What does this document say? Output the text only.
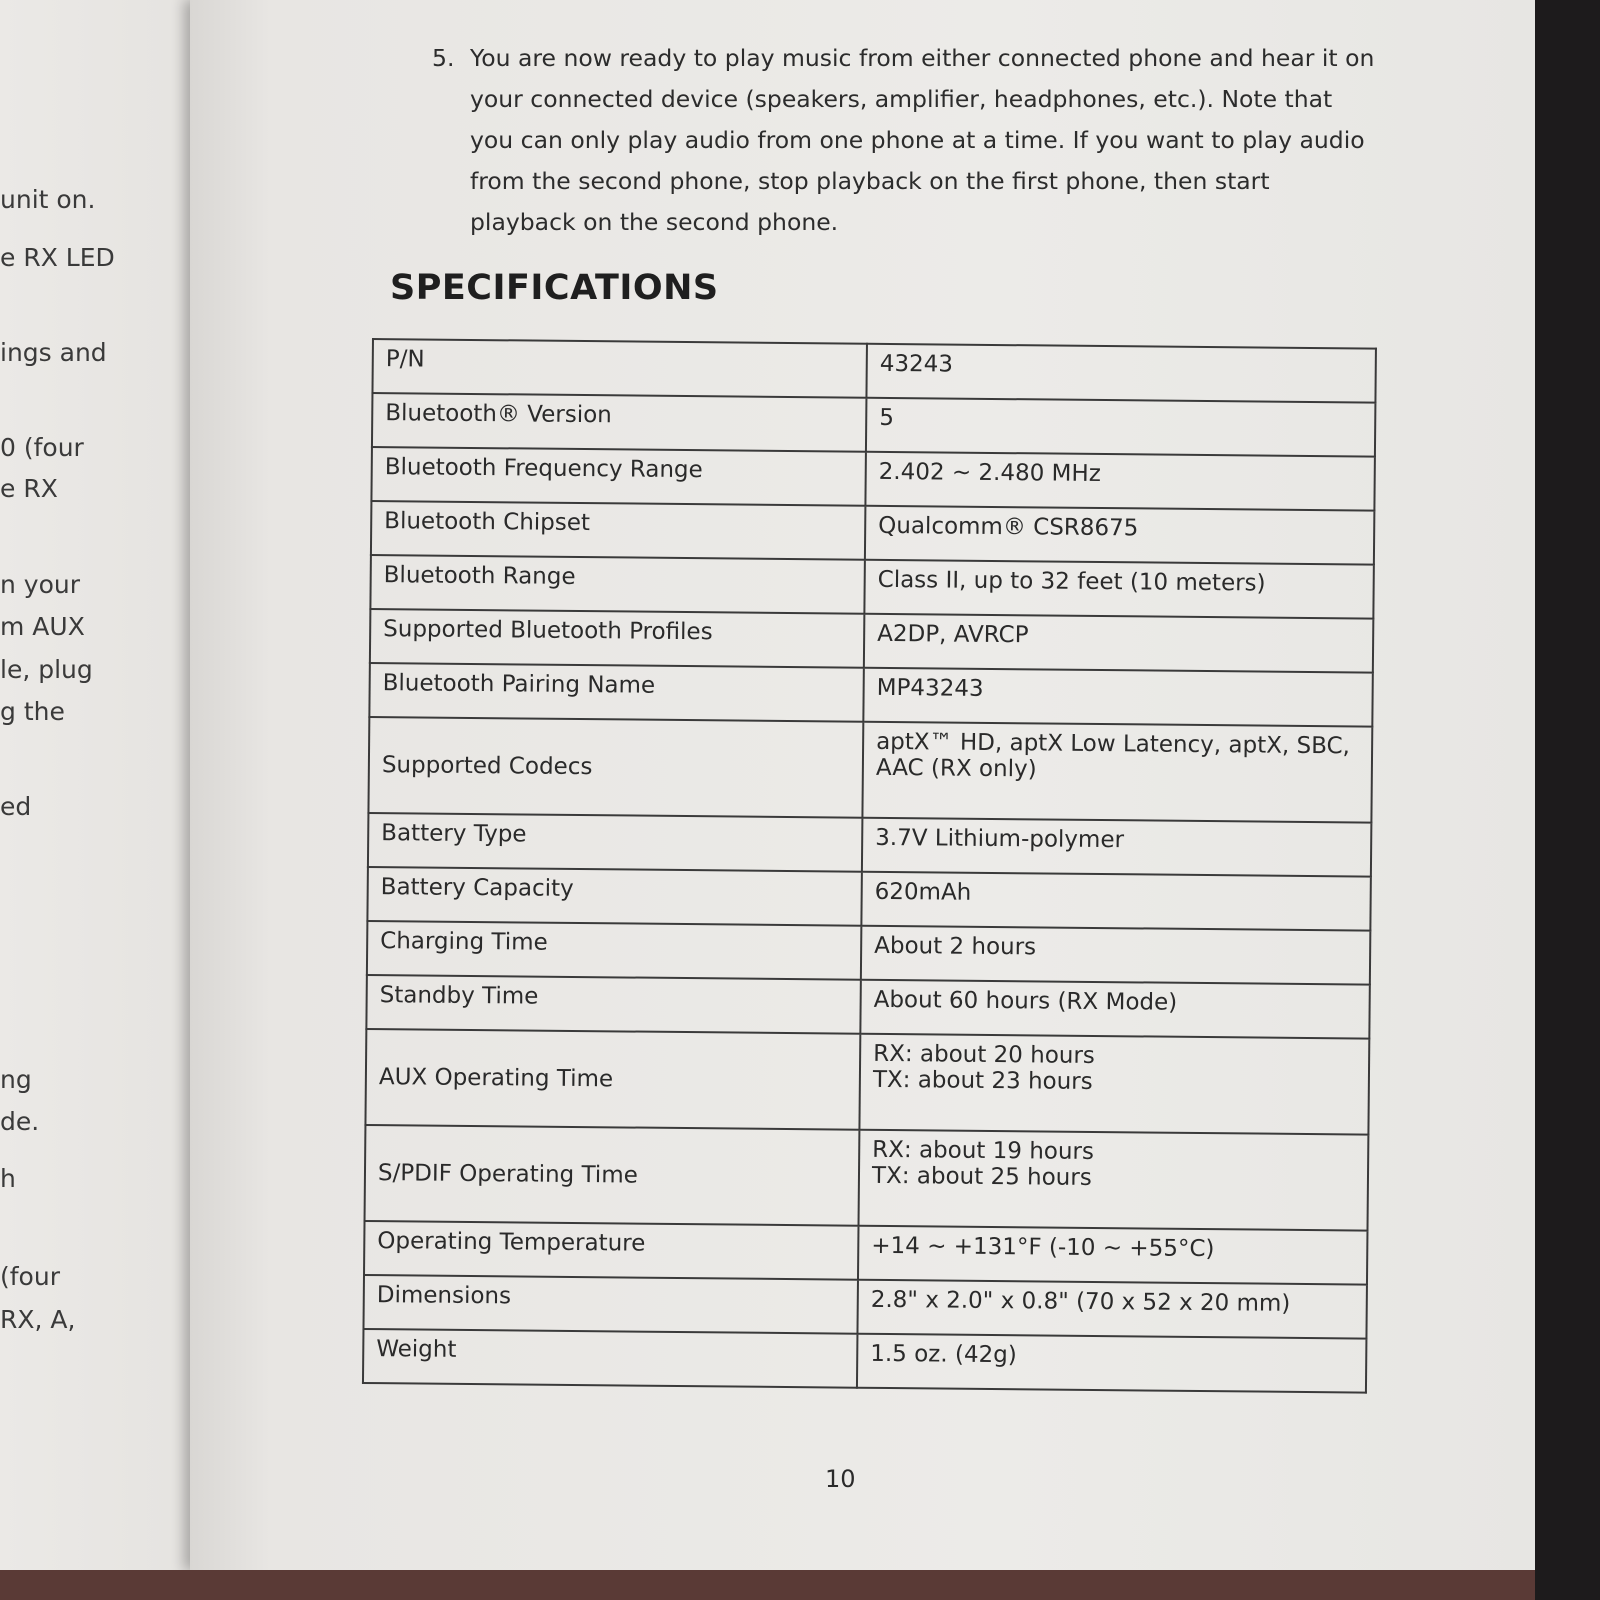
unit on.
e RX LED
ings and
0 (four
e RX
n your
m AUX
le, plug
g the
ed
ng
de.
h
(four
RX, A,
5. You are now ready to play music from either connected phone and hear it on your connected device (speakers, amplifier, headphones, etc.). Note that you can only play audio from one phone at a time. If you want to play audio from the second phone, stop playback on the first phone, then start playback on the second phone.
SPECIFICATIONS
P/N	43243
Bluetooth® Version	5
Bluetooth Frequency Range	2.402 ~ 2.480 MHz
Bluetooth Chipset	Qualcomm® CSR8675
Bluetooth Range	Class II, up to 32 feet (10 meters)
Supported Bluetooth Profiles	A2DP, AVRCP
Bluetooth Pairing Name	MP43243
Supported Codecs	aptX™ HD, aptX Low Latency, aptX, SBC,
AAC (RX only)

Battery Type	3.7V Lithium-polymer
Battery Capacity	620mAh
Charging Time	About 2 hours
Standby Time	About 60 hours (RX Mode)
AUX Operating Time	RX: about 20 hours
TX: about 23 hours

S/PDIF Operating Time	RX: about 19 hours
TX: about 25 hours

Operating Temperature	+14 ~ +131°F (-10 ~ +55°C)
Dimensions	2.8" x 2.0" x 0.8" (70 x 52 x 20 mm)
Weight	1.5 oz. (42g)
10
